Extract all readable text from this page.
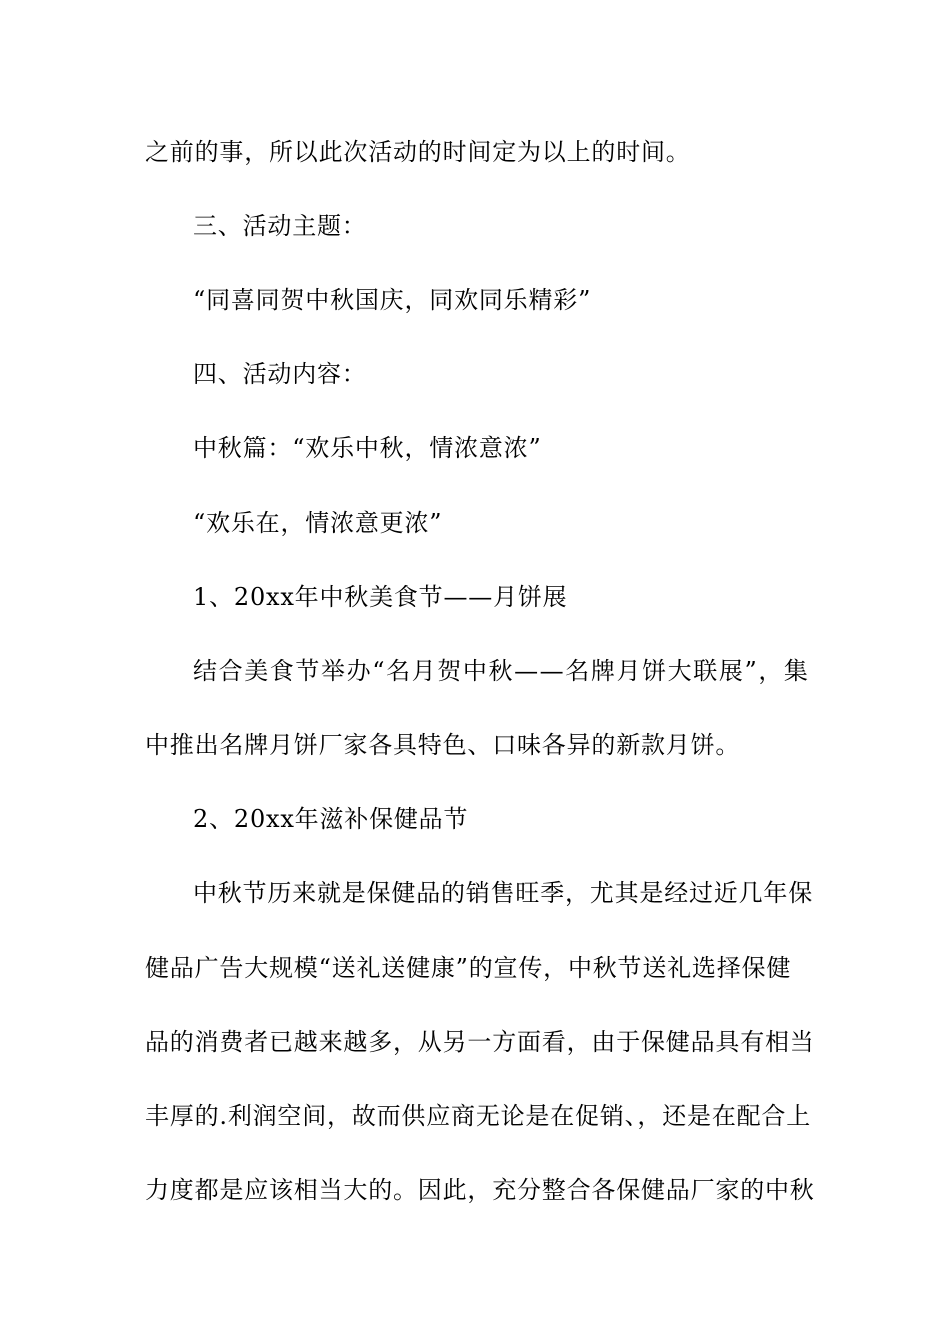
之前的事，所以此次活动的时间定为以上的时间。
三、活动主题：
“同喜同贺中秋国庆，同欢同乐精彩”
四、活动内容：
中秋篇：“欢乐中秋，情浓意浓”
“欢乐在，情浓意更浓”
1、20xx年中秋美食节——月饼展
结合美食节举办“名月贺中秋——名牌月饼大联展”，集
中推出名牌月饼厂家各具特色、口味各异的新款月饼。
2、20xx年滋补保健品节
中秋节历来就是保健品的销售旺季，尤其是经过近几年保
健品广告大规模“送礼送健康”的宣传，中秋节送礼选择保健
品的消费者已越来越多，从另一方面看，由于保健品具有相当
丰厚的.利润空间，故而供应商无论是在促销、，还是在配合上
力度都是应该相当大的。因此，充分整合各保健品厂家的中秋
